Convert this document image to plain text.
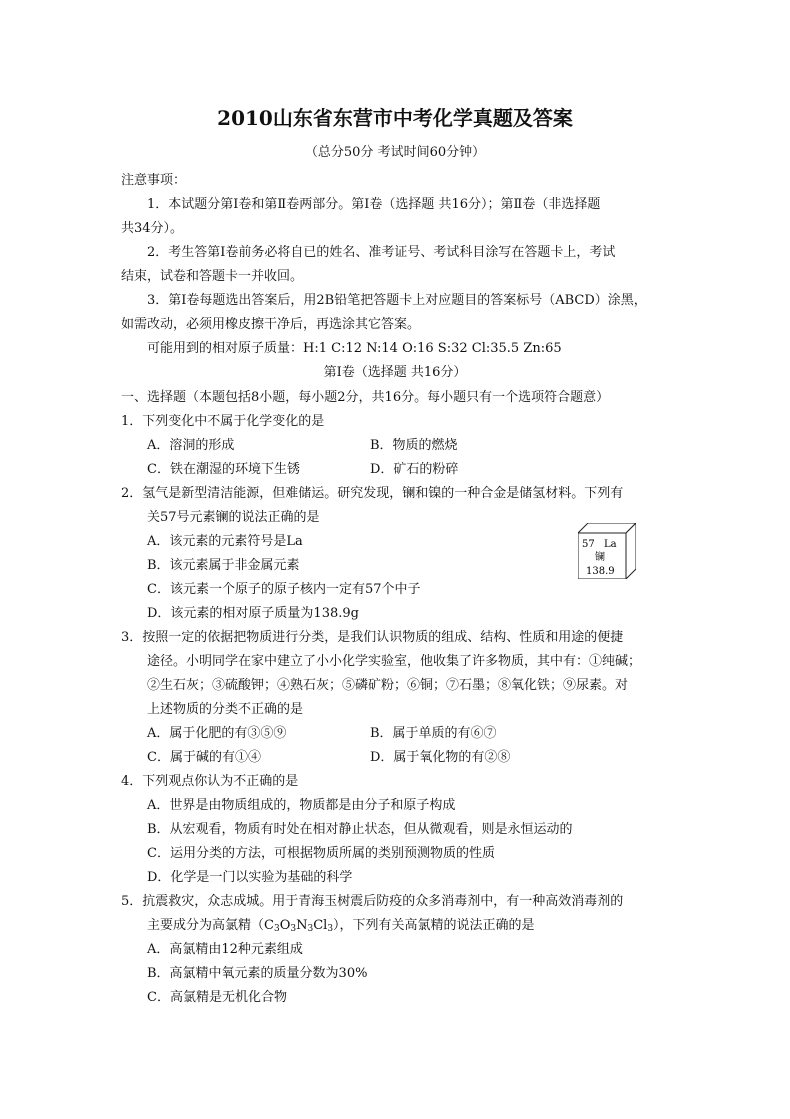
2010山东省东营市中考化学真题及答案
（总分50分 考试时间60分钟）
注意事项：
1．本试题分第Ⅰ卷和第Ⅱ卷两部分。第Ⅰ卷（选择题 共16分）；第Ⅱ卷（非选择题
共34分）。
2．考生答第Ⅰ卷前务必将自已的姓名、准考证号、考试科目涂写在答题卡上，考试
结束，试卷和答题卡一并收回。
3．第Ⅰ卷每题选出答案后，用2B铅笔把答题卡上对应题目的答案标号（ABCD）涂黑，
如需改动，必须用橡皮擦干净后，再选涂其它答案。
可能用到的相对原子质量：H:1 C:12 N:14 O:16 S:32 Cl:35.5 Zn:65
第Ⅰ卷（选择题 共16分）
一、选择题（本题包括8小题，每小题2分，共16分。每小题只有一个选项符合题意）
1．下列变化中不属于化学变化的是
A．溶洞的形成	B．物质的燃烧
C．铁在潮湿的环境下生锈	D．矿石的粉碎
2．氢气是新型清洁能源，但难储运。研究发现，镧和镍的一种合金是储氢材料。下列有
关57号元素镧的说法正确的是
A．该元素的元素符号是La
B．该元素属于非金属元素
C．该元素一个原子的原子核内一定有57个中子
D．该元素的相对原子质量为138.9g
57 La
镧
138.9
3．按照一定的依据把物质进行分类，是我们认识物质的组成、结构、性质和用途的便捷
途径。小明同学在家中建立了小小化学实验室，他收集了许多物质，其中有：①纯碱；
②生石灰；③硫酸钾；④熟石灰；⑤磷矿粉；⑥铜；⑦石墨；⑧氧化铁；⑨尿素。对
上述物质的分类不正确的是
A．属于化肥的有③⑤⑨	B．属于单质的有⑥⑦
C．属于碱的有①④	D．属于氧化物的有②⑧
4．下列观点你认为不正确的是
A．世界是由物质组成的，物质都是由分子和原子构成
B．从宏观看，物质有时处在相对静止状态，但从微观看，则是永恒运动的
C．运用分类的方法，可根据物质所属的类别预测物质的性质
D．化学是一门以实验为基础的科学
5．抗震救灾，众志成城。用于青海玉树震后防疫的众多消毒剂中，有一种高效消毒剂的
主要成分为高氯精$(C_3O_3N_3Cl_3)$，下列有关高氯精的说法正确的是
A．高氯精由12种元素组成
B．高氯精中氧元素的质量分数为30%
C．高氯精是无机化合物
